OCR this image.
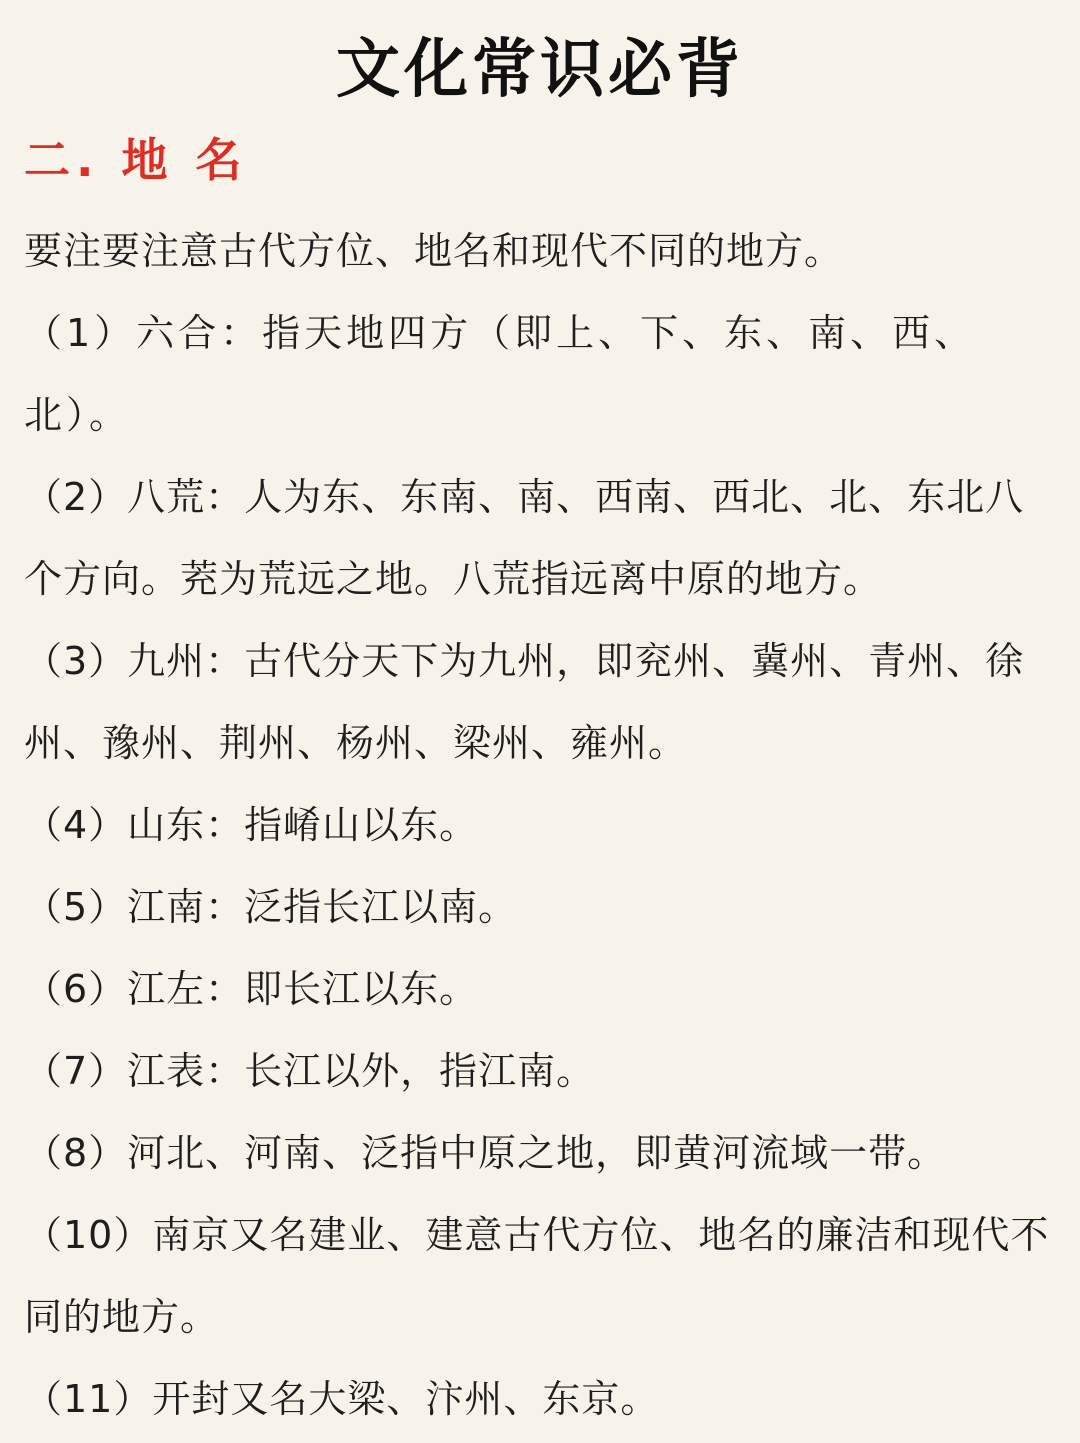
文化常识必背
二. 地 名

要注要注意古代方位、地名和现代不同的地方。

（1）六合：指天地四方（即上、下、东、南、西、北）。

（2）八荒：人为东、东南、南、西南、西北、北、东北八个方向。茺为荒远之地。八荒指远离中原的地方。

（3）九州：古代分天下为九州，即兖州、冀州、青州、徐州、豫州、荆州、杨州、梁州、雍州。

（4）山东：指崤山以东。

（5）江南：泛指长江以南。

（6）江左：即长江以东。

（7）江表：长江以外，指江南。

（8）河北、河南、泛指中原之地，即黄河流域一带。

（10）南京又名建业、建意古代方位、地名的廉洁和现代不同的地方。

（11）开封又名大梁、汴州、东京。
